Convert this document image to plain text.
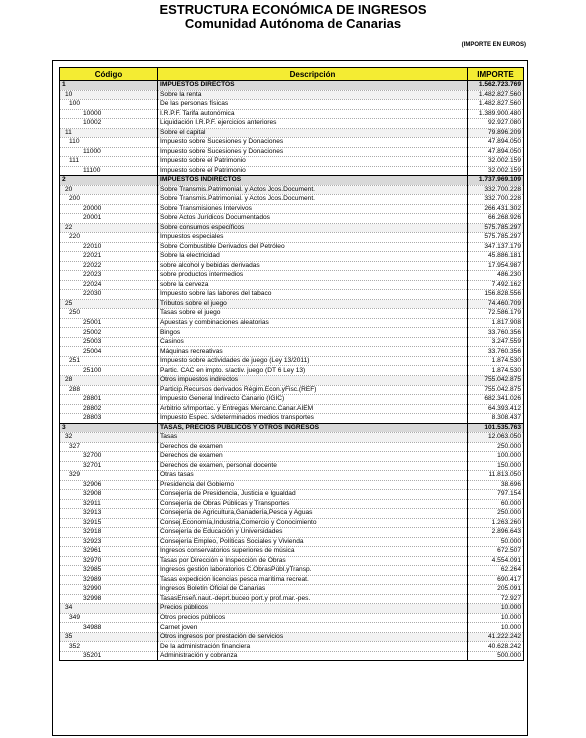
ESTRUCTURA ECONÓMICA DE INGRESOS
Comunidad Autónoma de Canarias
(IMPORTE EN EUROS)
Código	Descripción	IMPORTE
1	IMPUESTOS DIRECTOS	1.562.723.769
10	Sobre la renta	1.482.827.560
100	De las personas físicas	1.482.827.560
10000	I.R.P.F. Tarifa autonómica	1.389.900.480
10002	Liquidación I.R.P.F. ejercicios anteriores	92.927.080
11	Sobre el capital	79.896.209
110	Impuesto sobre Sucesiones y Donaciones	47.894.050
11000	Impuesto sobre Sucesiones y Donaciones	47.894.050
111	Impuesto sobre el Patrimonio	32.002.159
11100	Impuesto sobre el Patrimonio	32.002.159
2	IMPUESTOS INDIRECTOS	1.737.969.109
20	Sobre Transmis.Patrimonial. y Actos Jcos.Document.	332.700.228
200	Sobre Transmis.Patrimonial. y Actos Jcos.Document.	332.700.228
20000	Sobre Transmisiones Intervivos	266.431.302
20001	Sobre Actos Jurídicos Documentados	66.268.926
22	Sobre consumos específicos	575.785.297
220	Impuestos especiales	575.785.297
22010	Sobre Combustible Derivados del Petróleo	347.137.179
22021	Sobre la electricidad	45.886.181
22022	sobre alcohol y bebidas derivadas	17.954.987
22023	sobre productos intermedios	486.230
22024	sobre la cerveza	7.492.162
22030	Impuesto sobre las labores del tabaco	156.828.556
25	Tributos sobre el juego	74.460.709
250	Tasas sobre el juego	72.586.179
25001	Apuestas y combinaciones aleatorias	1.817.908
25002	Bingos	33.760.356
25003	Casinos	3.247.559
25004	Máquinas recreativas	33.760.356
251	Impuesto sobre actividades de juego (Ley 13/2011)	1.874.530
25100	Partic. CAC en impto. s/activ. juego (DT 6 Ley 13)	1.874.530
28	Otros impuestos indirectos	755.042.875
288	Particip.Recursos derivados Régim.Econ.yFisc.(REF)	755.042.875
28801	Impuesto General Indirecto Canario (IGIC)	682.341.026
28802	Arbitrio s/Importac. y Entregas Mercanc.Canar.AIEM	64.393.412
28803	Impuesto Espec. s/determinados medios transportes	8.308.437
3	TASAS, PRECIOS PÚBLICOS Y OTROS INGRESOS	101.535.763
32	Tasas	12.063.050
327	Derechos de examen	250.000
32700	Derechos de examen	100.000
32701	Derechos de examen, personal docente	150.000
329	Otras tasas	11.813.050
32906	Presidencia del Gobierno	38.696
32908	Consejería de Presidencia, Justicia e Igualdad	797.154
32911	Consejería de Obras Públicas y Transportes	60.000
32913	Consejería de Agricultura,Ganadería,Pesca y Aguas	250.000
32915	Consej.Economía,Industria,Comercio y Conocimiento	1.263.260
32918	Consejería de Educación y Universidades	2.896.643
32923	Consejería Empleo, Políticas Sociales y Vivienda	50.000
32961	Ingresos conservatorios superiores de música	672.507
32970	Tasas por Dirección e Inspección de Obras	4.554.091
32985	Ingresos gestión laboratorios C.ObrasPúbl.yTransp.	62.264
32989	Tasas expedición licencias pesca marítima recreat.	690.417
32990	Ingresos Boletín Oficial de Canarias	205.091
32998	TasasEnseñ.naut.-deprt.buceo port.y prof.mar.-pes.	72.927
34	Precios públicos	10.000
349	Otros precios públicos	10.000
34988	Carnet joven	10.000
35	Otros ingresos por prestación de servicios	41.222.242
352	De la administración financiera	40.628.242
35201	Administración y cobranza	500.000
